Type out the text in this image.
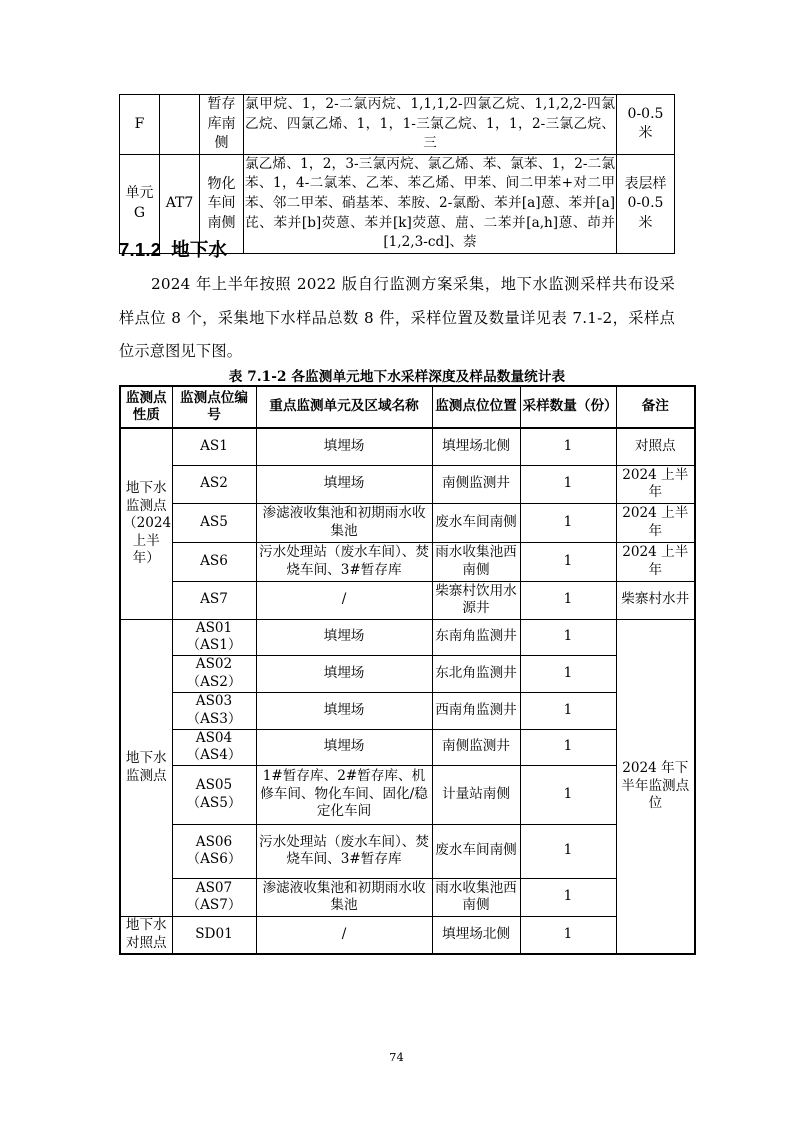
F		暂存库南侧	氯甲烷、1，2-二氯丙烷、1,1,1,2-四氯乙烷、1,1,2,2-四氯乙烷、四氯乙烯、1，1，1-三氯乙烷、1，1，2-三氯乙烷、三	0-0.5 米
单元G	AT7	物化车间南侧	氯乙烯、1，2，3-三氯丙烷、氯乙烯、苯、氯苯、1，2-二氯苯、1，4-二氯苯、乙苯、苯乙烯、甲苯、间二甲苯+对二甲苯、邻二甲苯、硝基苯、苯胺、2-氯酚、苯并[a]蒽、苯并[a]芘、苯并[b]荧蒽、苯并[k]荧蒽、䓛、二苯并[a,h]蒽、茚并[1,2,3-cd]、萘	表层样0-0.5 米
7.1.2 地下水

2024 年上半年按照 2022 版自行监测方案采集，地下水监测采样共布设采样点位 8 个，采集地下水样品总数 8 件，采样位置及数量详见表 7.1-2，采样点位示意图见下图。

表 7.1-2 各监测单元地下水采样深度及样品数量统计表
监测点性质	监测点位编号	重点监测单元及区域名称	监测点位位置	采样数量（份）	备注
地下水监测点（2024上半年）	AS1	填埋场	填埋场北侧	1	对照点
	AS2	填埋场	南侧监测井	1	2024 上半年
	AS5	渗滤液收集池和初期雨水收集池	废水车间南侧	1	2024 上半年
	AS6	污水处理站（废水车间）、焚烧车间、3#暂存库	雨水收集池西南侧	1	2024 上半年
	AS7	/	柴寨村饮用水源井	1	柴寨村水井
地下水监测点	AS01（AS1）	填埋场	东南角监测井	1	2024 年下半年监测点位
	AS02（AS2）	填埋场	东北角监测井	1	
	AS03（AS3）	填埋场	西南角监测井	1	
	AS04（AS4）	填埋场	南侧监测井	1	
	AS05（AS5）	1#暂存库、2#暂存库、机修车间、物化车间、固化/稳定化车间	计量站南侧	1	
	AS06（AS6）	污水处理站（废水车间）、焚烧车间、3#暂存库	废水车间南侧	1	
	AS07（AS7）	渗滤液收集池和初期雨水收集池	雨水收集池西南侧	1	
地下水对照点	SD01	/	填埋场北侧	1	
74
